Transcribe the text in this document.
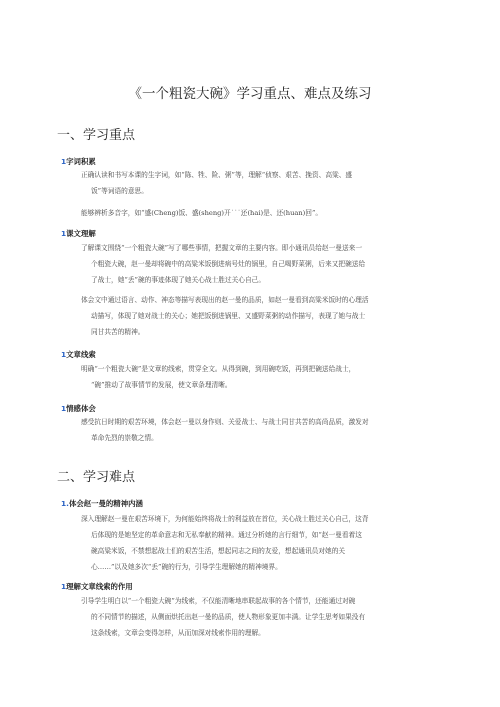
《一个粗瓷大碗》学习重点、难点及练习
一、学习重点
1字词积累

正确认读和书写本课的生字词，如“陈、牲、险、粥”等，理解“侦察、艰苦、挽资、高粱、盛
饭”等词语的意思。

能够辨析多音字，如“盛(Cheng)饭、盛(sheng)开˙˙˙还(hai)是、还(huan)回”。

1课文理解

了解课文围绕“一个粗瓷大碗”写了哪些事情，把握文章的主要内容。即小通讯员给赵一曼送来一
个粗瓷大碗，赵一曼却将碗中的高粱米饭倒进病号灶的锅里，自己喝野菜粥，后来又把碗送给
了战士，她“丢”碗的事迹体现了她关心战士胜过关心自己。

体会文中通过语言、动作、神态等描写表现出的赵一曼的品质，如赵一曼看到高粱米饭时的心理活
动描写，体现了她对战士的关心；她把饭倒进锅里、又盛野菜粥的动作描写，表现了她与战士
同甘共苦的精神。

1文章线索

明确“一个粗瓷大碗”是文章的线索，贯穿全文。从得到碗，到用碗吃饭，再到把碗送给战士，
“碗”推动了故事情节的发展，使文章条理清晰。

1情感体会

感受抗日时期的艰苦环境，体会赵一曼以身作则、关爱战士、与战士同甘共苦的高尚品质，激发对
革命先烈的崇敬之情。

二、学习难点
1.体会赵一曼的精神内涵

深入理解赵一曼在艰苦环境下，为何能始终将战士的利益放在首位，关心战士胜过关心自己，这背
后体现的是她坚定的革命意志和无私奉献的精神。通过分析她的言行细节，如“赵一曼看着这
碗高粱米饭，不禁想起战士们的艰苦生活，想起同志之间的友爱，想起通讯员对她的关
心……”以及她多次“丢”碗的行为，引导学生理解她的精神境界。

1理解文章线索的作用

引导学生明白以“一个粗瓷大碗”为线索，不仅能清晰地串联起故事的各个情节，还能通过对碗
的不同情节的描述，从侧面烘托出赵一曼的品质，使人物形象更加丰满。让学生思考如果没有
这条线索，文章会变得怎样，从而加深对线索作用的理解。
